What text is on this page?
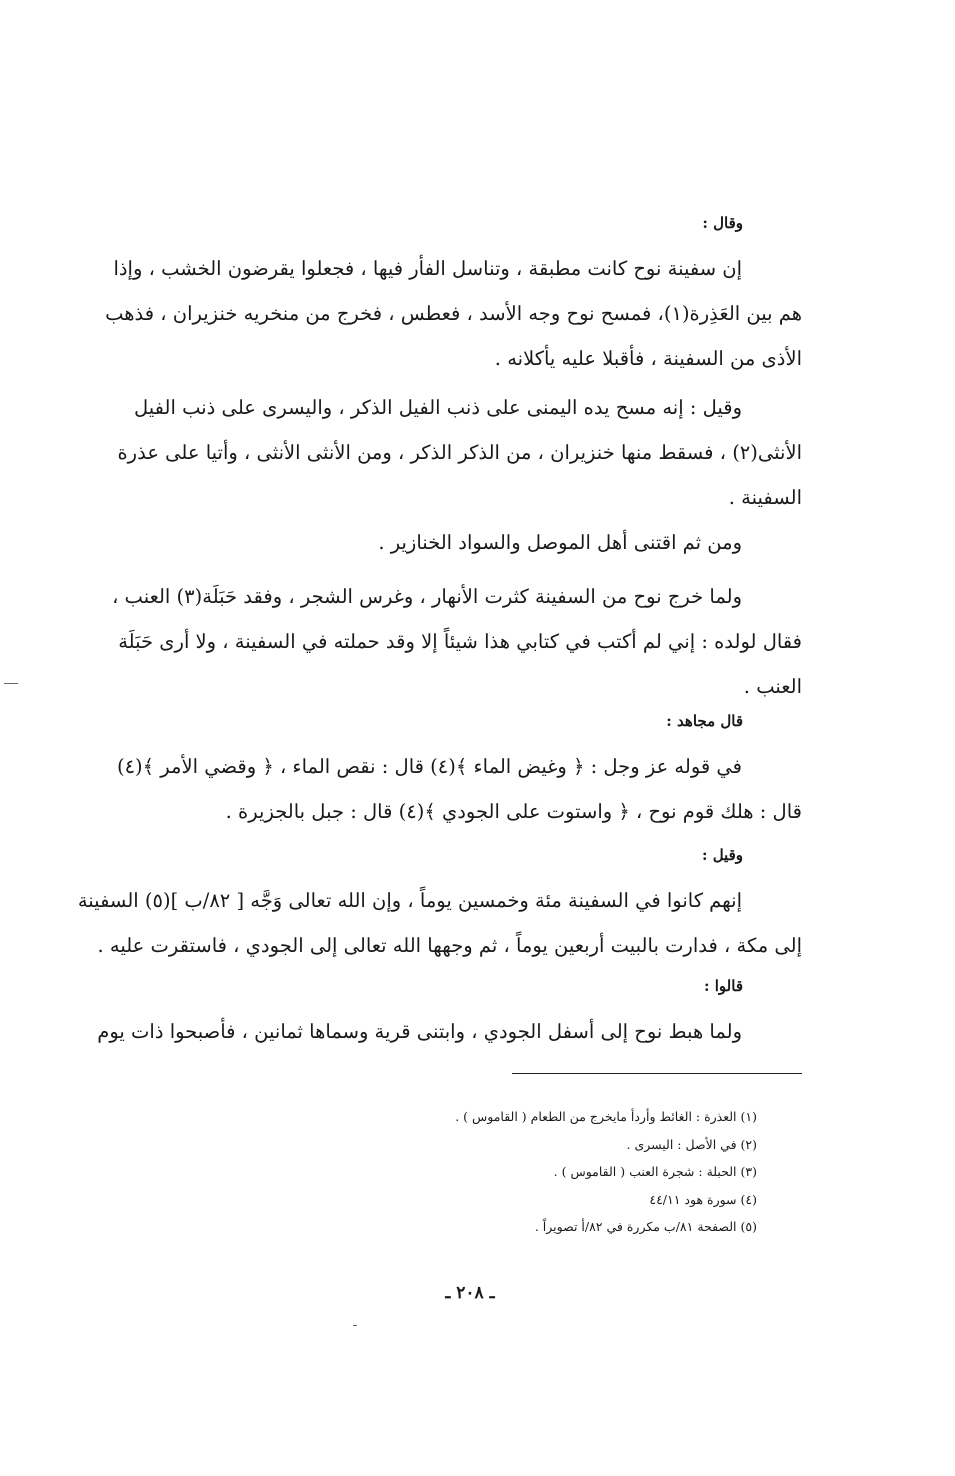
وقال :
إن سفينة نوح كانت مطبقة ، وتناسل الفأر فيها ، فجعلوا يقرضون الخشب ، وإذا
هم بين العَذِرة(١)، فمسح نوح وجه الأسد ، فعطس ، فخرج من منخريه خنزيران ، فذهب
الأذى من السفينة ، فأقبلا عليه يأكلانه .
وقيل : إنه مسح يده اليمنى على ذنب الفيل الذكر ، واليسرى على ذنب الفيل
الأنثى(٢) ، فسقط منها خنزيران ، من الذكر الذكر ، ومن الأنثى الأنثى ، وأتيا على عذرة
السفينة .
ومن ثم اقتنى أهل الموصل والسواد الخنازير .
ولما خرج نوح من السفينة كثرت الأنهار ، وغرس الشجر ، وفقد حَبَلَة(٣) العنب ،
فقال لولده : إني لم أكتب في كتابي هذا شيئاً إلا وقد حملته في السفينة ، ولا أرى حَبَلَة
العنب .
قال مجاهد :
في قوله عز وجل : ﴿ وغيض الماء ﴾(٤) قال : نقص الماء ، ﴿ وقضي الأمر ﴾(٤)
قال : هلك قوم نوح ، ﴿ واستوت على الجودي ﴾(٤) قال : جبل بالجزيرة .
وقيل :
إنهم كانوا في السفينة مئة وخمسين يوماً ، وإن الله تعالى وَجَّه [ ٨٢/ب ](٥) السفينة
إلى مكة ، فدارت بالبيت أربعين يوماً ، ثم وجهها الله تعالى إلى الجودي ، فاستقرت عليه .
قالوا :
ولما هبط نوح إلى أسفل الجودي ، وابتنى قرية وسماها ثمانين ، فأصبحوا ذات يوم
(١) العذرة : الغائط وأردأ مايخرج من الطعام ( القاموس ) .
(٢) في الأصل : اليسرى .
(٣) الحبلة : شجرة العنب ( القاموس ) .
(٤) سورة هود ٤٤/١١
(٥) الصفحة ٨١/ب مكررة في ٨٢/أ تصويراً .
ـ ٢٠٨ ـ
